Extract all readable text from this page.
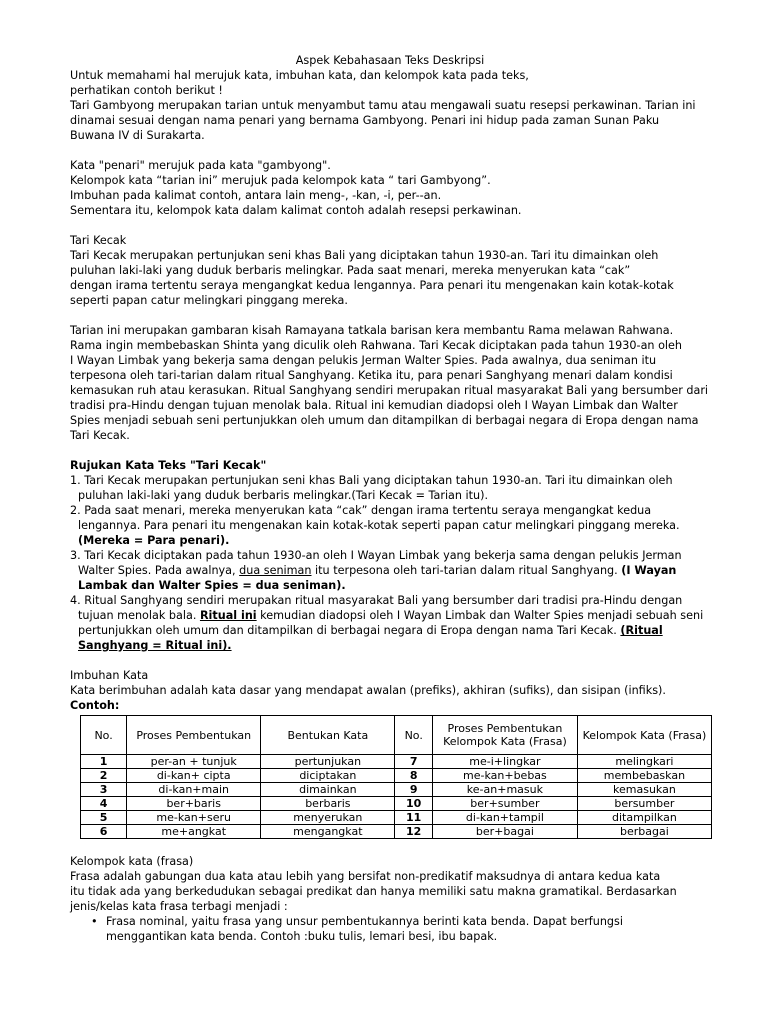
Aspek Kebahasaan Teks Deskripsi

Untuk memahami hal merujuk kata, imbuhan kata, dan kelompok kata pada teks,

perhatikan contoh berikut !

Tari Gambyong merupakan tarian untuk menyambut tamu atau mengawali suatu resepsi perkawinan. Tarian ini

dinamai sesuai dengan nama penari yang bernama Gambyong. Penari ini hidup pada zaman Sunan Paku

Buwana IV di Surakarta.

Kata "penari" merujuk pada kata "gambyong".

Kelompok kata “tarian ini” merujuk pada kelompok kata “ tari Gambyong”.

Imbuhan pada kalimat contoh, antara lain meng-, -kan, -i, per--an.

Sementara itu, kelompok kata dalam kalimat contoh adalah resepsi perkawinan.

Tari Kecak

Tari Kecak merupakan pertunjukan seni khas Bali yang diciptakan tahun 1930-an. Tari itu dimainkan oleh

puluhan laki-laki yang duduk berbaris melingkar. Pada saat menari, mereka menyerukan kata “cak”

dengan irama tertentu seraya mengangkat kedua lengannya. Para penari itu mengenakan kain kotak-kotak

seperti papan catur melingkari pinggang mereka.

Tarian ini merupakan gambaran kisah Ramayana tatkala barisan kera membantu Rama melawan Rahwana.

Rama ingin membebaskan Shinta yang diculik oleh Rahwana. Tari Kecak diciptakan pada tahun 1930-an oleh

I Wayan Limbak yang bekerja sama dengan pelukis Jerman Walter Spies. Pada awalnya, dua seniman itu

terpesona oleh tari-tarian dalam ritual Sanghyang. Ketika itu, para penari Sanghyang menari dalam kondisi

kemasukan ruh atau kerasukan. Ritual Sanghyang sendiri merupakan ritual masyarakat Bali yang bersumber dari

tradisi pra-Hindu dengan tujuan menolak bala. Ritual ini kemudian diadopsi oleh I Wayan Limbak dan Walter

Spies menjadi sebuah seni pertunjukkan oleh umum dan ditampilkan di berbagai negara di Eropa dengan nama

Tari Kecak.

Rujukan Kata Teks "Tari Kecak"

1. Tari Kecak merupakan pertunjukan seni khas Bali yang diciptakan tahun 1930-an. Tari itu dimainkan oleh

puluhan laki-laki yang duduk berbaris melingkar.(Tari Kecak = Tarian itu).

2. Pada saat menari, mereka menyerukan kata “cak” dengan irama tertentu seraya mengangkat kedua

lengannya. Para penari itu mengenakan kain kotak-kotak seperti papan catur melingkari pinggang mereka.

(Mereka = Para penari).

3. Tari Kecak diciptakan pada tahun 1930-an oleh I Wayan Limbak yang bekerja sama dengan pelukis Jerman

Walter Spies. Pada awalnya, dua seniman itu terpesona oleh tari-tarian dalam ritual Sanghyang. (I Wayan

Lambak dan Walter Spies = dua seniman).

4. Ritual Sanghyang sendiri merupakan ritual masyarakat Bali yang bersumber dari tradisi pra-Hindu dengan

tujuan menolak bala. Ritual ini kemudian diadopsi oleh I Wayan Limbak dan Walter Spies menjadi sebuah seni

pertunjukkan oleh umum dan ditampilkan di berbagai negara di Eropa dengan nama Tari Kecak. (Ritual

Sanghyang = Ritual ini).

Imbuhan Kata

Kata berimbuhan adalah kata dasar yang mendapat awalan (prefiks), akhiran (sufiks), dan sisipan (infiks).

Contoh:

No.	Proses Pembentukan	Bentukan Kata	No.	Proses Pembentukan Kelompok Kata (Frasa)	Kelompok Kata (Frasa)
1	per-an + tunjuk	pertunjukan	7	me-i+lingkar	melingkari
2	di-kan+ cipta	diciptakan	8	me-kan+bebas	membebaskan
3	di-kan+main	dimainkan	9	ke-an+masuk	kemasukan
4	ber+baris	berbaris	10	ber+sumber	bersumber
5	me-kan+seru	menyerukan	11	di-kan+tampil	ditampilkan
6	me+angkat	mengangkat	12	ber+bagai	berbagai

Kelompok kata (frasa)

Frasa adalah gabungan dua kata atau lebih yang bersifat non-predikatif maksudnya di antara kedua kata

itu tidak ada yang berkedudukan sebagai predikat dan hanya memiliki satu makna gramatikal. Berdasarkan

jenis/kelas kata frasa terbagi menjadi :

• Frasa nominal, yaitu frasa yang unsur pembentukannya berinti kata benda. Dapat berfungsi

menggantikan kata benda. Contoh :buku tulis, lemari besi, ibu bapak.
